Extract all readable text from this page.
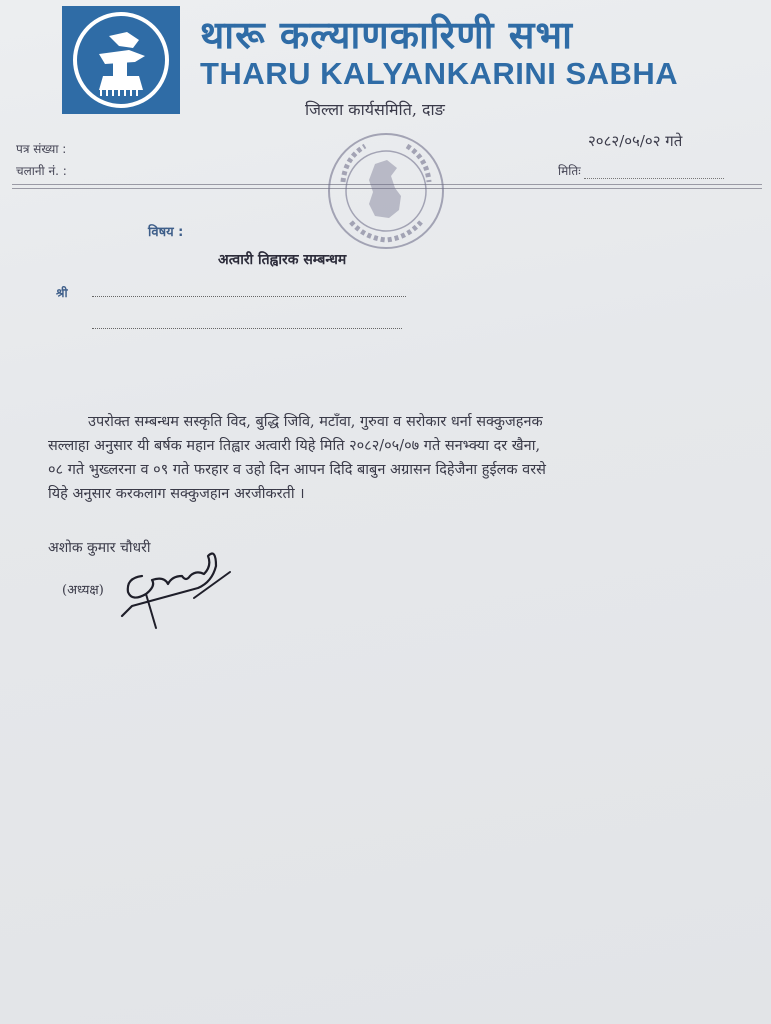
थारू कल्याणकारिणी सभा
THARU KALYANKARINI SABHA
जिल्ला कार्यसमिति, दाङ
पत्र संख्या :
चलानी नं. :
२०८२/०५/०२ गते
मितिः
विषय :
अत्वारी तिह्वारक सम्बन्धम
श्री
उपरोक्त सम्बन्धम सस्कृति विद, बुद्धि जिवि, मटाँवा, गुरुवा व सरोकार धर्ना सक्कुजहनक
सल्लाहा अनुसार यी बर्षक महान तिह्वार अत्वारी यिहे मिति २०८२/०५/०७ गते सनभ्क्या दर खैना,
०८ गते भुख्लरना व ०९ गते फरहार व उहो दिन आपन दिदि बाबुन अग्रासन दिहेजैना हुईलक वरसे
यिहे अनुसार करकलाग सक्कुजहान अरजीकरती ।
अशोक कुमार चौधरी
(अध्यक्ष)
